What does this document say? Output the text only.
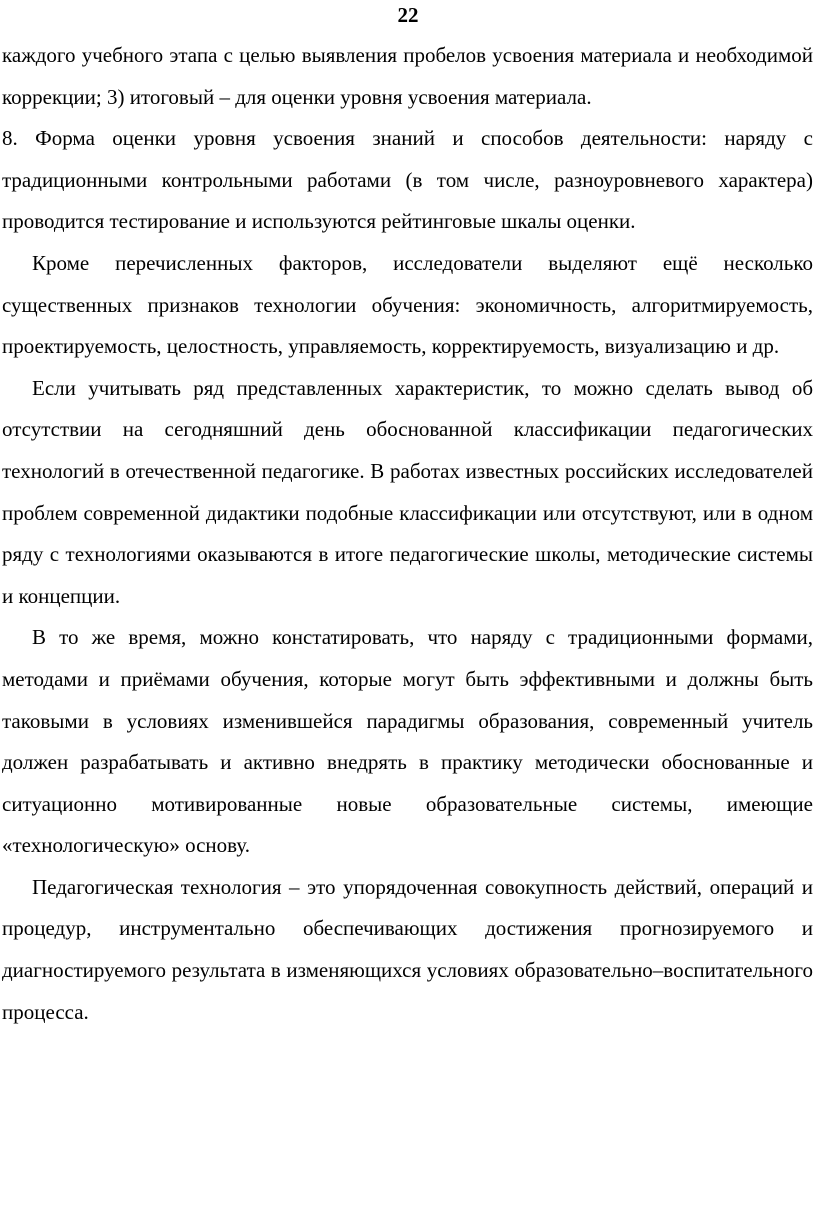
22

каждого учебного этапа с целью выявления пробелов усвоения материала и необходимой коррекции; 3) итоговый – для оценки уровня усвоения материала.

8. Форма оценки уровня усвоения знаний и способов деятельности: наряду с традиционными контрольными работами (в том числе, разноуровневого характера) проводится тестирование и используются рейтинговые шкалы оценки.

Кроме перечисленных факторов, исследователи выделяют ещё несколько существенных признаков технологии обучения: экономичность, алгоритмируемость, проектируемость, целостность, управляемость, корректируемость, визуализацию и др.

Если учитывать ряд представленных характеристик, то можно сделать вывод об отсутствии на сегодняшний день обоснованной классификации педагогических технологий в отечественной педагогике. В работах известных российских исследователей проблем современной дидактики подобные классификации или отсутствуют, или в одном ряду с технологиями оказываются в итоге педагогические школы, методические системы и концепции.

В то же время, можно констатировать, что наряду с традиционными формами, методами и приёмами обучения, которые могут быть эффективными и должны быть таковыми в условиях изменившейся парадигмы образования, современный учитель должен разрабатывать и активно внедрять в практику методически обоснованные и ситуационно мотивированные новые образовательные системы, имеющие «технологическую» основу.

Педагогическая технология – это упорядоченная совокупность действий, операций и процедур, инструментально обеспечивающих достижения прогнозируемого и диагностируемого результата в изменяющихся условиях образовательно–воспитательного процесса.
